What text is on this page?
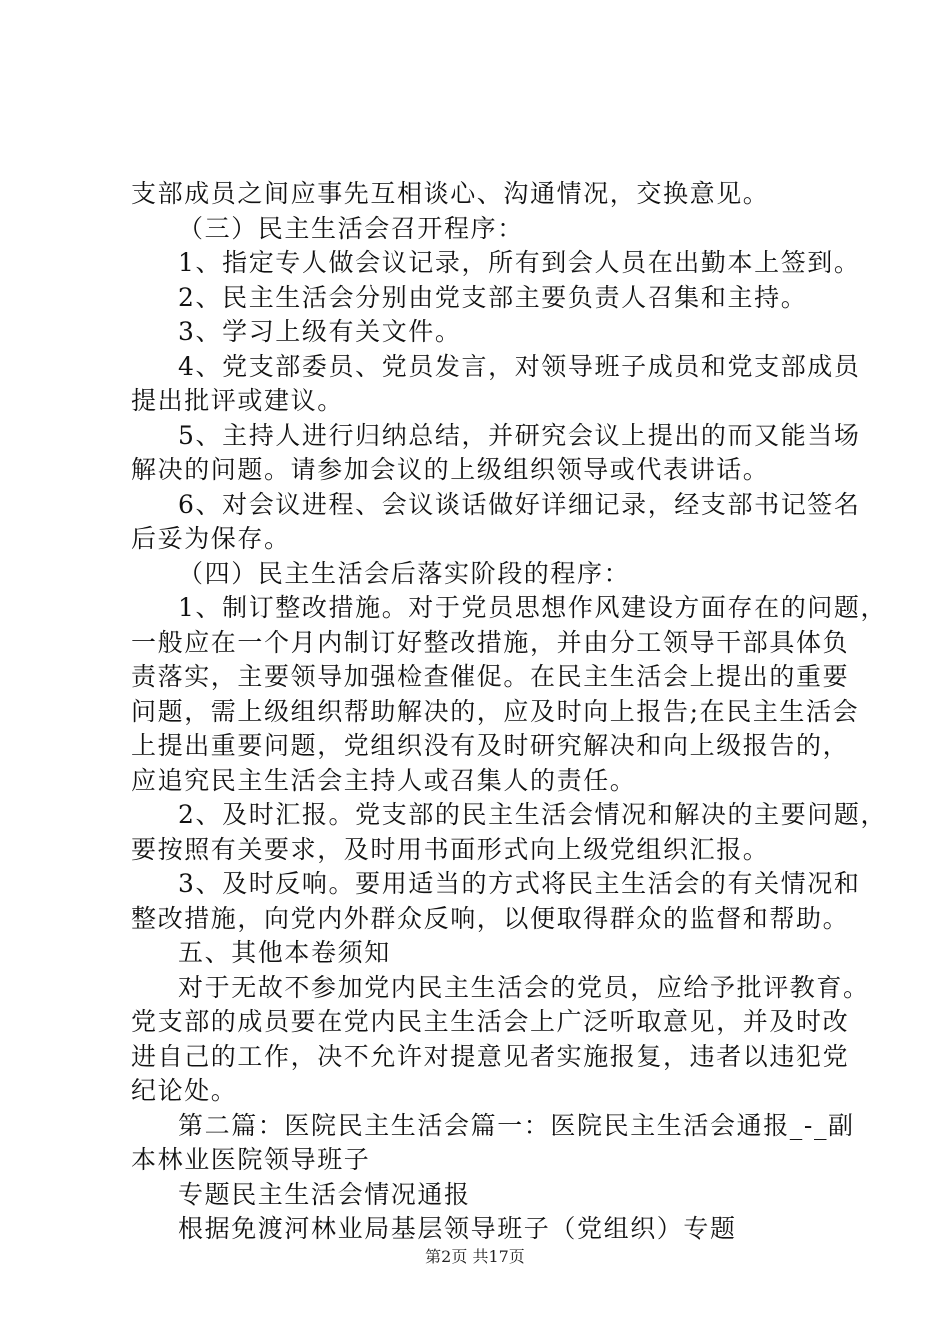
支部成员之间应事先互相谈心、沟通情况，交换意见。
（三）民主生活会召开程序：
1、指定专人做会议记录，所有到会人员在出勤本上签到。
2、民主生活会分别由党支部主要负责人召集和主持。
3、学习上级有关文件。
4、党支部委员、党员发言，对领导班子成员和党支部成员
提出批评或建议。
5、主持人进行归纳总结，并研究会议上提出的而又能当场
解决的问题。请参加会议的上级组织领导或代表讲话。
6、对会议进程、会议谈话做好详细记录，经支部书记签名
后妥为保存。
（四）民主生活会后落实阶段的程序：
1、制订整改措施。对于党员思想作风建设方面存在的问题，
一般应在一个月内制订好整改措施，并由分工领导干部具体负
责落实，主要领导加强检查催促。在民主生活会上提出的重要
问题，需上级组织帮助解决的，应及时向上报告;在民主生活会
上提出重要问题，党组织没有及时研究解决和向上级报告的，
应追究民主生活会主持人或召集人的责任。
2、及时汇报。党支部的民主生活会情况和解决的主要问题，
要按照有关要求，及时用书面形式向上级党组织汇报。
3、及时反响。要用适当的方式将民主生活会的有关情况和
整改措施，向党内外群众反响，以便取得群众的监督和帮助。
五、其他本卷须知
对于无故不参加党内民主生活会的党员，应给予批评教育。
党支部的成员要在党内民主生活会上广泛听取意见，并及时改
进自己的工作，决不允许对提意见者实施报复，违者以违犯党
纪论处。
第二篇：医院民主生活会篇一：医院民主生活会通报_-_副
本林业医院领导班子
专题民主生活会情况通报
根据免渡河林业局基层领导班子（党组织）专题
第2页 共17页
